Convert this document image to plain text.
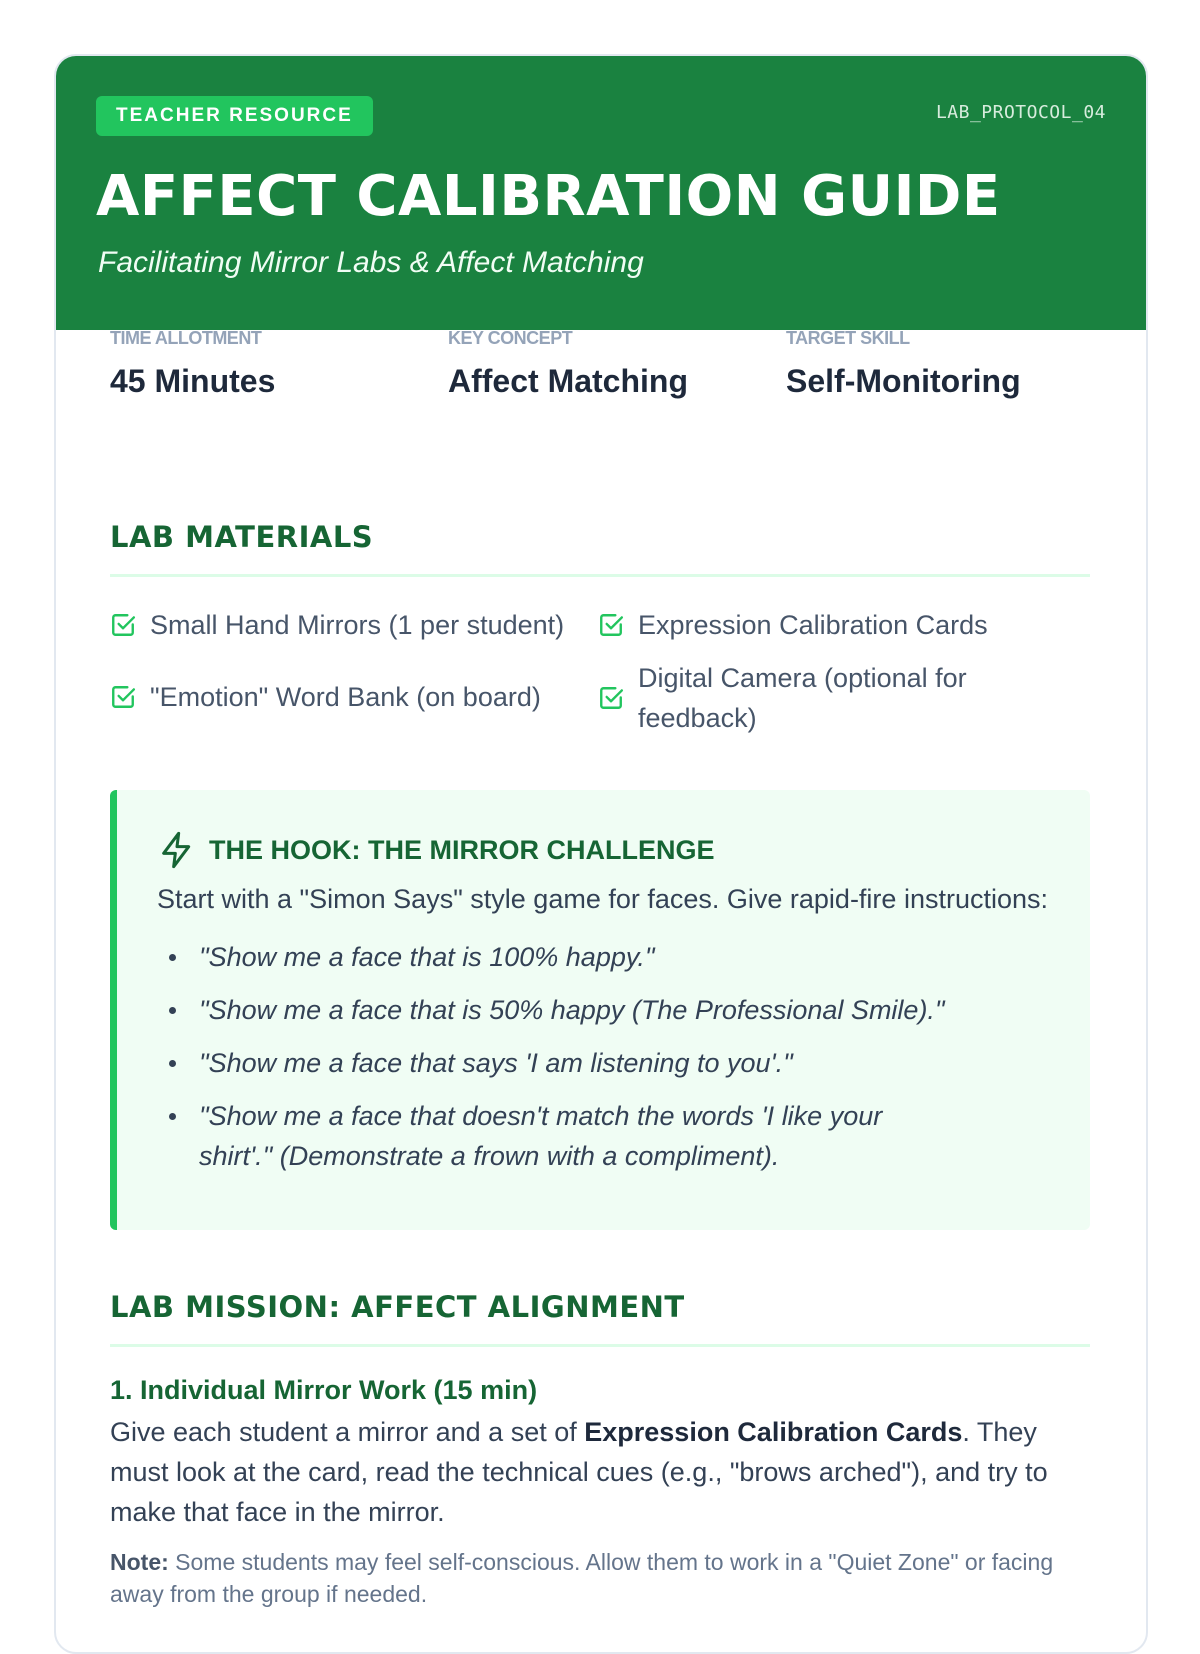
TEACHER RESOURCE	LAB_PROTOCOL_04
AFFECT CALIBRATION GUIDE
Facilitating Mirror Labs & Affect Matching
TIME ALLOTMENT
45 Minutes
KEY CONCEPT
Affect Matching
TARGET SKILL
Self-Monitoring
LAB MATERIALS
Small Hand Mirrors (1 per student)	Expression Calibration Cards
"Emotion" Word Bank (on board)
Digital Camera (optional for feedback)
THE HOOK: THE MIRROR CHALLENGE
Start with a "Simon Says" style game for faces. Give rapid-fire instructions:
"Show me a face that is 100% happy."
"Show me a face that is 50% happy (The Professional Smile)."
"Show me a face that says 'I am listening to you'."
"Show me a face that doesn't match the words 'I like your shirt'." (Demonstrate a frown with a compliment).
LAB MISSION: AFFECT ALIGNMENT
1. Individual Mirror Work (15 min)
Give each student a mirror and a set of Expression Calibration Cards. They must look at the card, read the technical cues (e.g., "brows arched"), and try to make that face in the mirror.
Note: Some students may feel self-conscious. Allow them to work in a "Quiet Zone" or facing away from the group if needed.
